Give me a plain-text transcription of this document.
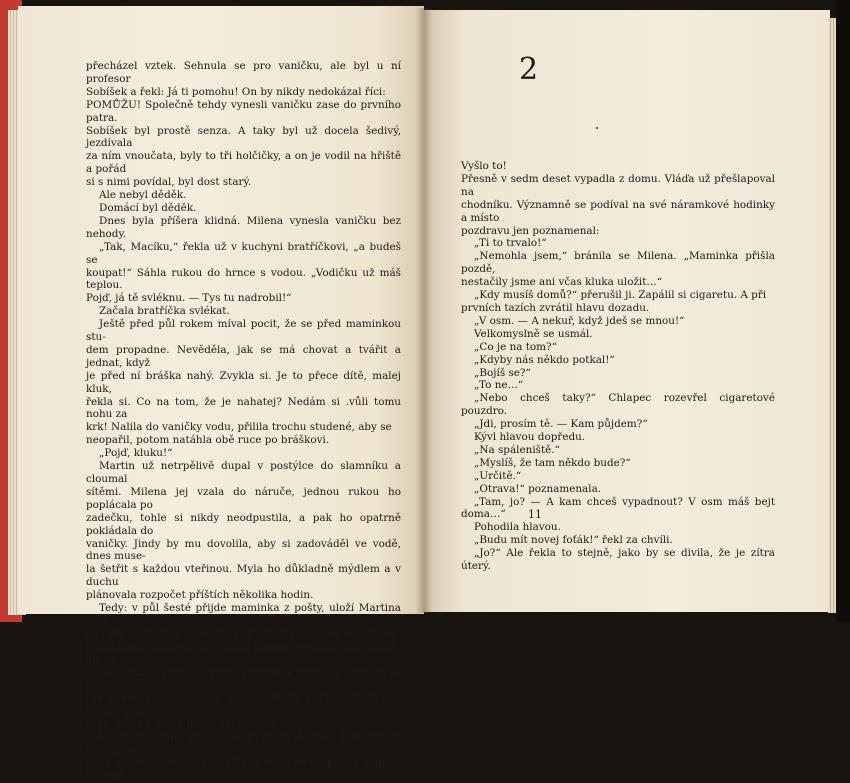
přecházel vztek. Sehnula se pro vaničku, ale byl u ní profesor

Sobíšek a řekl: Já ti pomohu! On by nikdy nedokázal říci:

POMŮŽU! Společně tehdy vynesli vaničku zase do prvního patra.

Sobíšek byl prostě senza. A taky byl už docela šedivý, jezdívala

za ním vnoučata, byly to tři holčičky, a on je vodil na hřiště a pořád

si s nimi povídal, byl dost starý.

Ale nebyl děděk.

Domácí byl děděk.

Dnes byla příšera klidná. Milena vynesla vaničku bez nehody.

„Tak, Macíku,“ řekla už v kuchyni bratříčkovi, „a budeš se

koupat!“ Sáhla rukou do hrnce s vodou. „Vodičku už máš teplou.

Pojď, já tě svléknu. — Tys tu nadrobil!“

Začala bratříčka svlékat.

Ještě před půl rokem míval pocit, že se před maminkou stu-

dem propadne. Nevěděla, jak se má chovat a tvářit a jednat, když

je před ní bráška nahý. Zvykla si. Je to přece dítě, malej kluk,

řekla si. Co na tom, že je nahatej? Nedám si .vůli tomu nohu za

krk! Nalila do vaničky vodu, přilila trochu studené, aby se

neopařil, potom natáhla obě ruce po bráškovi.

„Pojď, kluku!“

Martin už netrpělivě dupal v postýlce do slamníku a cloumal

sítěmi. Milena jej vzala do náruče, jednou rukou ho poplácala po

zadečku, tohle si nikdy neodpustila, a pak ho opatrně pokládala do

vaničky. Jindy by mu dovolila, aby si zadováděl ve vodě, dnes muse-

la šetřit s každou vteřinou. Myla ho důkladně mýdlem a v duchu

plánovala rozpočet příštích několika hodin.

Tedy: v půl šesté přijde maminka z pošty, uloží Martina spát,

jo, taky se všichni navečeří, pak uklidí krámy po Martinovi,

pomůže mamince omýt nádobí, měla by se taky učit chemii, ale tu

zítra riskne, protože byla zkoušena minulou hodinu a Divišek není

tak zákeřný, aby ji volal znovu. Takže když jí štěstí jen trochu bude

přát, může v sedm hodin vypadnout.

V sedm hodin bude na ni čekat Vláďa. Jen aby si maminka

něco na ni nevymyslela. Někdy mívá nebezpečně bujnou fantazii.

2

Vyšlo to!

Přesně v sedm deset vypadla z domu. Vláďa už přešlapoval na

chodníku. Významně se podíval na své náramkové hodinky a místo

pozdravu jen poznamenal:

„Ti to trvalo!“

„Nemohla jsem,“ bránila se Milena. „Maminka přišla pozdě,

nestačily jsme ani včas kluka uložit…“

„Kdy musíš domů?“ přerušil ji. Zapálil si cigaretu. A při

prvních tazích zvrátil hlavu dozadu.

„V osm. — A nekuř, když jdeš se mnou!“

Velkomyslně se usmál.

„Co je na tom?“

„Kdyby nás někdo potkal!“

„Bojíš se?“

„To ne…“

„Nebo chceš taky?“ Chlapec rozevřel cigaretové pouzdro.

„Jdi, prosím tě. — Kam půjdem?“

Kývl hlavou dopředu.

„Na spáleniště.“

„Myslíš, že tam někdo bude?“

„Určitě.“

„Otrava!“ poznamenala.

„Tam, jo? — A kam chceš vypadnout? V osm máš bejt doma…“

Pohodila hlavou.

„Budu mít novej foťák!“ řekl za chvíli.

„Jo?“ Ale řekla to stejně, jako by se divila, že je zítra úterý.

11
